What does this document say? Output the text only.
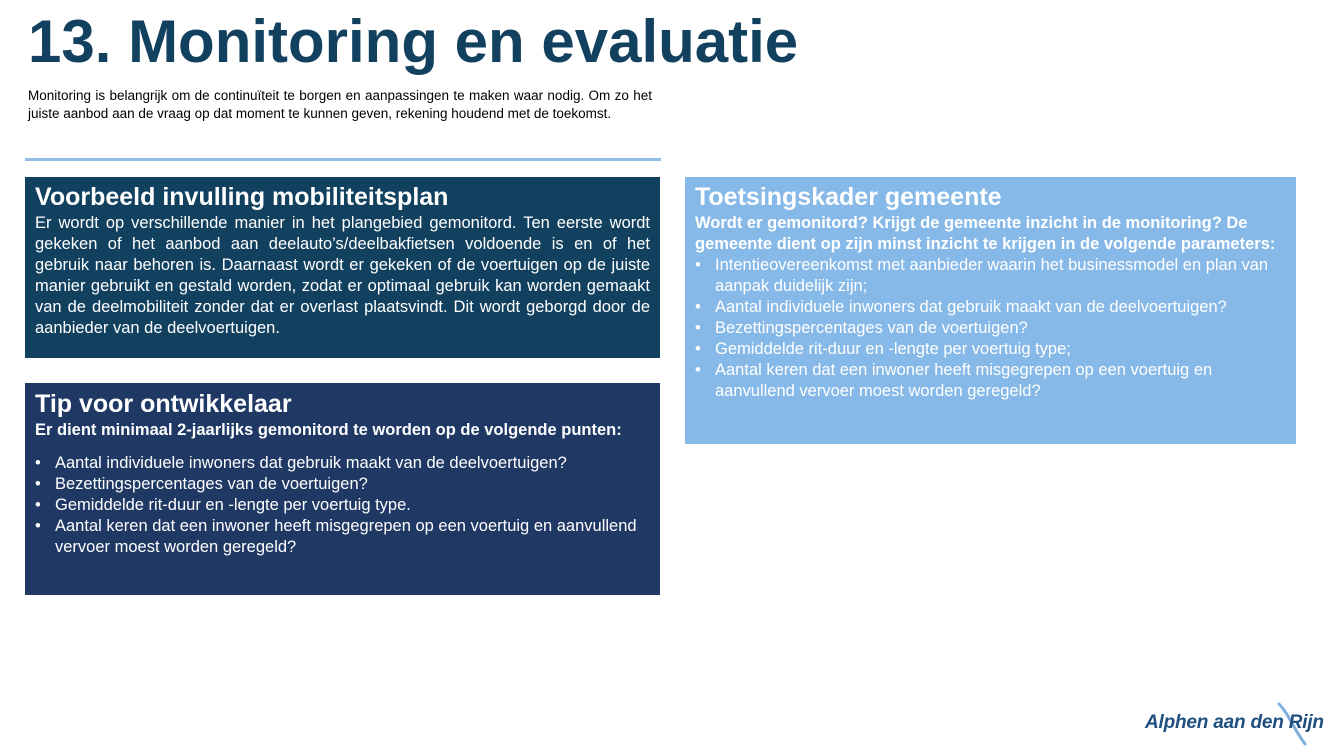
13. Monitoring en evaluatie
Monitoring is belangrijk om de continuïteit te borgen en aanpassingen te maken waar nodig. Om zo het juiste aanbod aan de vraag op dat moment te kunnen geven, rekening houdend met de toekomst.
Voorbeeld invulling mobiliteitsplan

Er wordt op verschillende manier in het plangebied gemonitord. Ten eerste wordt gekeken of het aanbod aan deelauto’s/deelbakfietsen voldoende is en of het gebruik naar behoren is. Daarnaast wordt er gekeken of de voertuigen op de juiste manier gebruikt en gestald worden, zodat er optimaal gebruik kan worden gemaakt van de deelmobiliteit zonder dat er overlast plaatsvindt. Dit wordt geborgd door de aanbieder van de deelvoertuigen.

Tip voor ontwikkelaar

Er dient minimaal 2-jaarlijks gemonitord te worden op de volgende punten:

• Aantal individuele inwoners dat gebruik maakt van de deelvoertuigen?
• Bezettingspercentages van de voertuigen?
• Gemiddelde rit-duur en -lengte per voertuig type.
• Aantal keren dat een inwoner heeft misgegrepen op een voertuig en aanvullend vervoer moest worden geregeld?
Toetsingskader gemeente

Wordt er gemonitord? Krijgt de gemeente inzicht in de monitoring? De gemeente dient op zijn minst inzicht te krijgen in de volgende parameters:

• Intentieovereenkomst met aanbieder waarin het businessmodel en plan van aanpak duidelijk zijn;
• Aantal individuele inwoners dat gebruik maakt van de deelvoertuigen?
• Bezettingspercentages van de voertuigen?
• Gemiddelde rit-duur en -lengte per voertuig type;
• Aantal keren dat een inwoner heeft misgegrepen op een voertuig en aanvullend vervoer moest worden geregeld?
Alphen aan den Rijn
